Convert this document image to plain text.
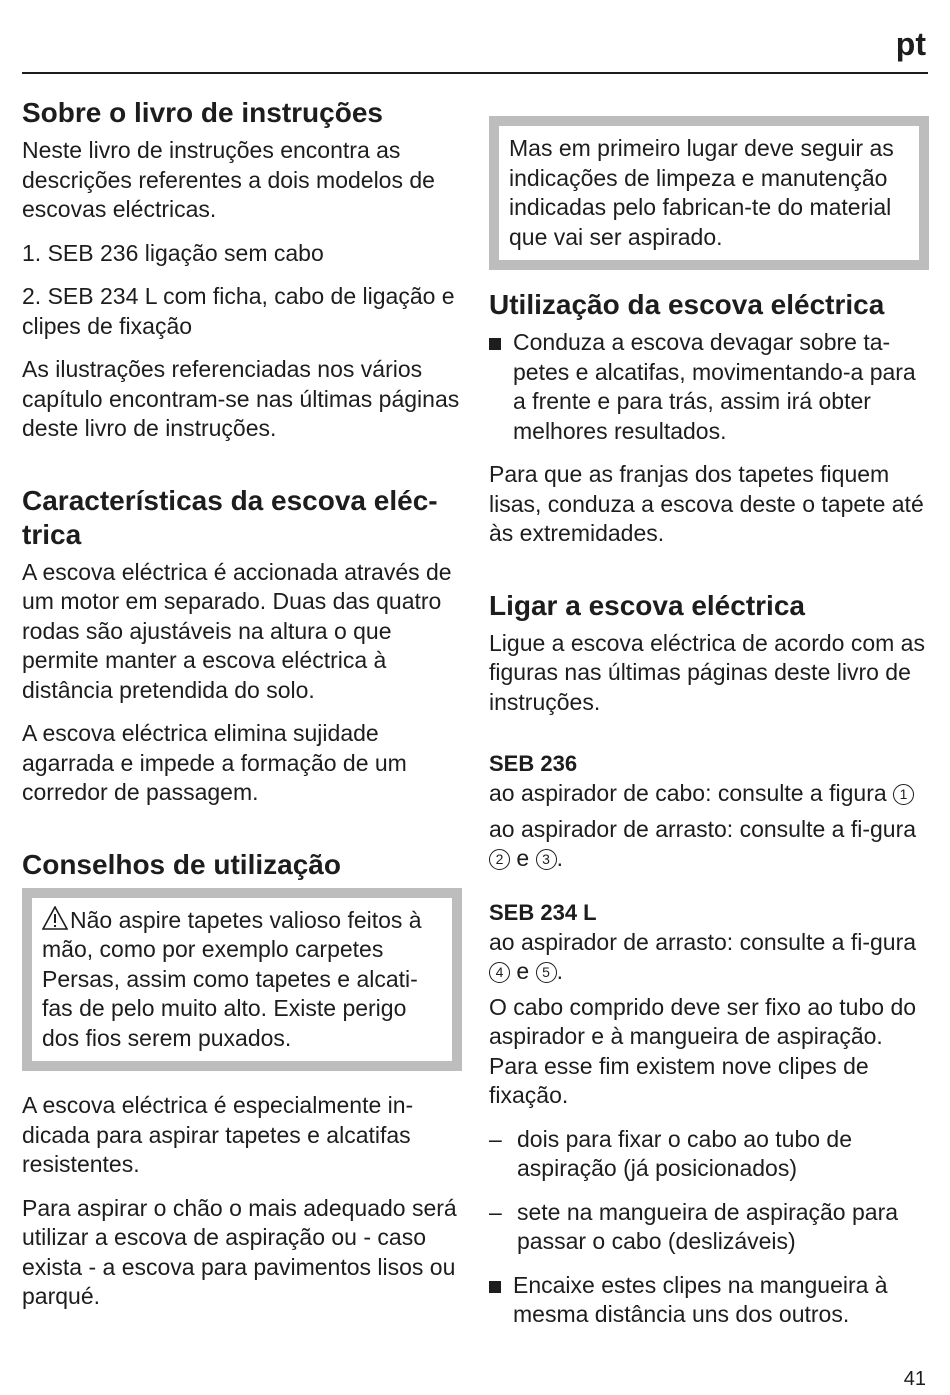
pt
Sobre o livro de instruções

Neste livro de instruções encontra as descrições referentes a dois modelos de escovas eléctricas.

1. SEB 236 ligação sem cabo

2. SEB 234 L com ficha, cabo de ligação e clipes de fixação

As ilustrações referenciadas nos vários capítulo encontram-se nas últimas páginas deste livro de instruções.

Características da escova eléc-trica

A escova eléctrica é accionada através de um motor em separado. Duas das quatro rodas são ajustáveis na altura o que permite manter a escova eléctrica à distância pretendida do solo.

A escova eléctrica elimina sujidade agarrada e impede a formação de um corredor de passagem.

Conselhos de utilização

Não aspire tapetes valioso feitos à mão, como por exemplo carpetes Persas, assim como tapetes e alcati-fas de pelo muito alto. Existe perigo dos fios serem puxados.

A escova eléctrica é especialmente in-dicada para aspirar tapetes e alcatifas resistentes.

Para aspirar o chão o mais adequado será utilizar a escova de aspiração ou - caso exista - a escova para pavimentos lisos ou parqué.

Mas em primeiro lugar deve seguir as indicações de limpeza e manutenção indicadas pelo fabrican-te do material que vai ser aspirado.

Utilização da escova eléctrica
Conduza a escova devagar sobre ta-petes e alcatifas, movimentando-a para a frente e para trás, assim irá obter melhores resultados.

Para que as franjas dos tapetes fiquem lisas, conduza a escova deste o tapete até às extremidades.

Ligar a escova eléctrica

Ligue a escova eléctrica de acordo com as figuras nas últimas páginas deste livro de instruções.

SEB 236

ao aspirador de cabo: consulte a figura 1

ao aspirador de arrasto: consulte a fi-gura 2 e 3 .

SEB 234 L

ao aspirador de arrasto: consulte a fi-gura 4 e 5 .

O cabo comprido deve ser fixo ao tubo do aspirador e à mangueira de aspiração. Para esse fim existem nove clipes de fixação.

– dois para fixar o cabo ao tubo de aspiração (já posicionados)
– sete na mangueira de aspiração para passar o cabo (deslizáveis)
Encaixe estes clipes na mangueira à mesma distância uns dos outros.
41
